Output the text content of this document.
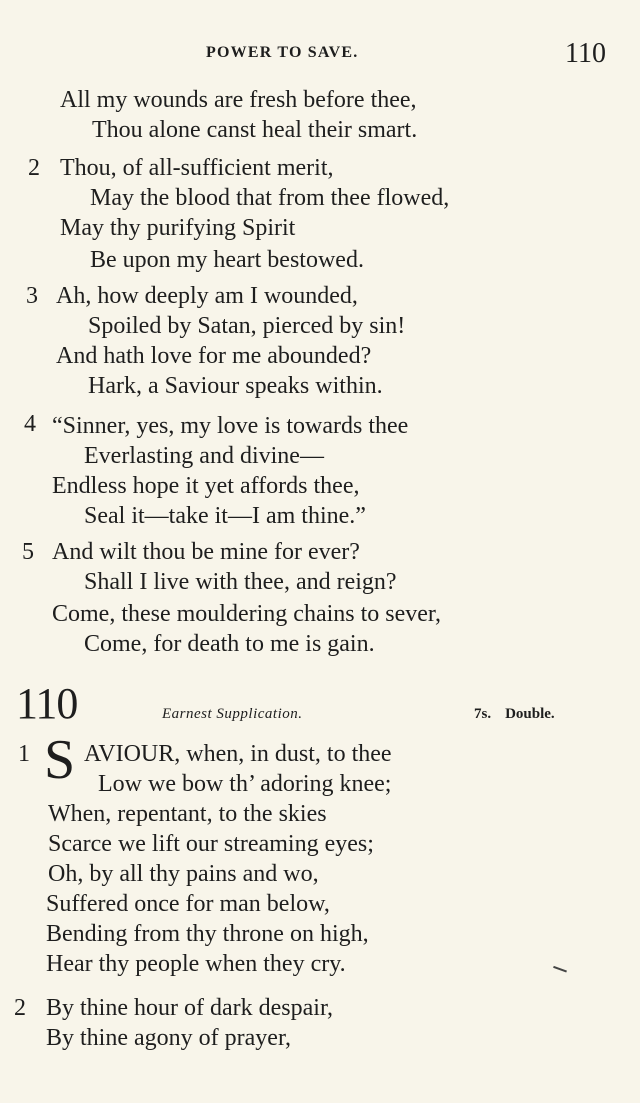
POWER TO SAVE.	110
All my wounds are fresh before thee,
Thou alone canst heal their smart.
2 Thou, of all-sufficient merit,
May the blood that from thee flowed,
May thy purifying Spirit
Be upon my heart bestowed.
3 Ah, how deeply am I wounded,
Spoiled by Satan, pierced by sin!
And hath love for me abounded?
Hark, a Saviour speaks within.
4 “Sinner, yes, my love is towards thee
Everlasting and divine—
Endless hope it yet affords thee,
Seal it—take it—I am thine.”
5 And wilt thou be mine for ever?
Shall I live with thee, and reign?
Come, these mouldering chains to sever,
Come, for death to me is gain.
110	Earnest Supplication.	7s. Double.
1 S AVIOUR, when, in dust, to thee
Low we bow th’ adoring knee;
When, repentant, to the skies
Scarce we lift our streaming eyes;
Oh, by all thy pains and wo,
Suffered once for man below,
Bending from thy throne on high,
Hear thy people when they cry.
2 By thine hour of dark despair,
By thine agony of prayer,
